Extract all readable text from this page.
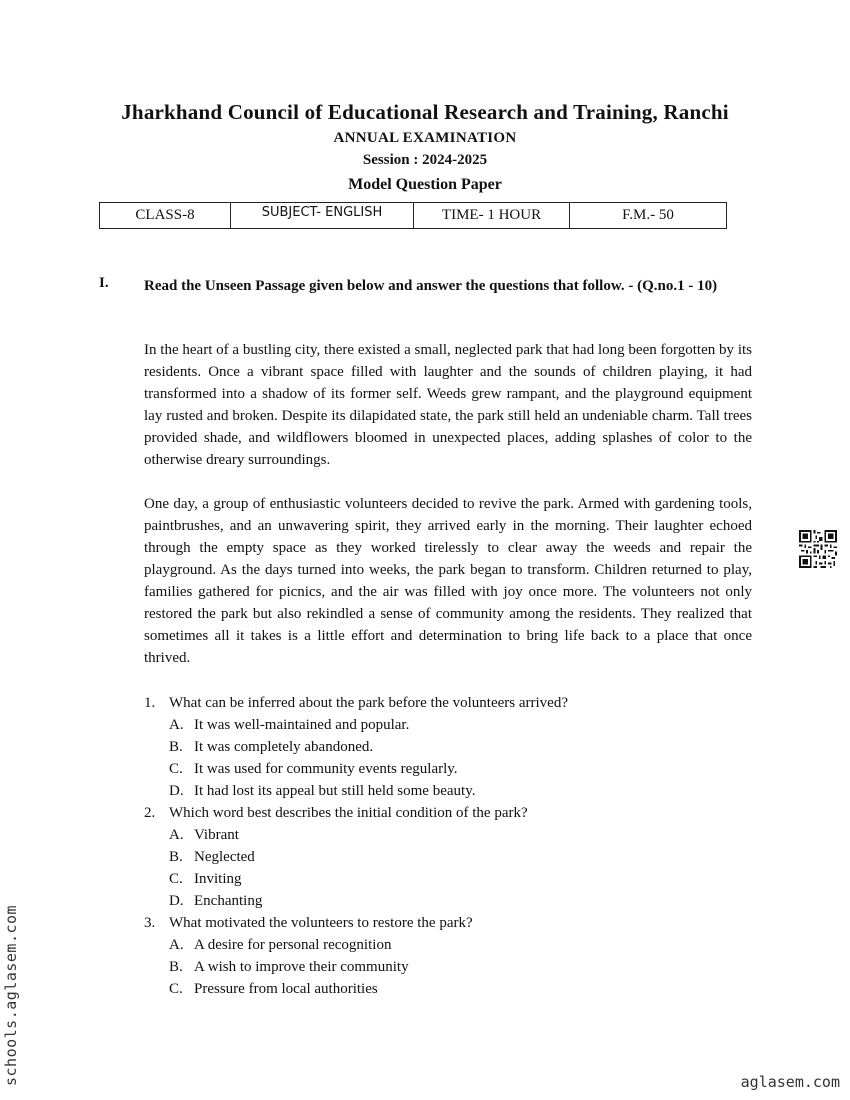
Jharkhand Council of Educational Research and Training, Ranchi
ANNUAL EXAMINATION
Session : 2024-2025
Model Question Paper
CLASS-8	SUBJECT- ENGLISH	TIME- 1 HOUR	F.M.- 50
I. Read the Unseen Passage given below and answer the questions that follow. - (Q.no.1 - 10)
In the heart of a bustling city, there existed a small, neglected park that had long been forgotten by its residents. Once a vibrant space filled with laughter and the sounds of children playing, it had transformed into a shadow of its former self. Weeds grew rampant, and the playground equipment lay rusted and broken. Despite its dilapidated state, the park still held an undeniable charm. Tall trees provided shade, and wildflowers bloomed in unexpected places, adding splashes of color to the otherwise dreary surroundings.
One day, a group of enthusiastic volunteers decided to revive the park. Armed with gardening tools, paintbrushes, and an unwavering spirit, they arrived early in the morning. Their laughter echoed through the empty space as they worked tirelessly to clear away the weeds and repair the playground. As the days turned into weeks, the park began to transform. Children returned to play, families gathered for picnics, and the air was filled with joy once more. The volunteers not only restored the park but also rekindled a sense of community among the residents. They realized that sometimes all it takes is a little effort and determination to bring life back to a place that once thrived.
1. What can be inferred about the park before the volunteers arrived?
A. It was well-maintained and popular.
B. It was completely abandoned.
C. It was used for community events regularly.
D. It had lost its appeal but still held some beauty.
2. Which word best describes the initial condition of the park?
A. Vibrant
B. Neglected
C. Inviting
D. Enchanting
3. What motivated the volunteers to restore the park?
A. A desire for personal recognition
B. A wish to improve their community
C. Pressure from local authorities
schools.aglasem.com	aglasem.com
